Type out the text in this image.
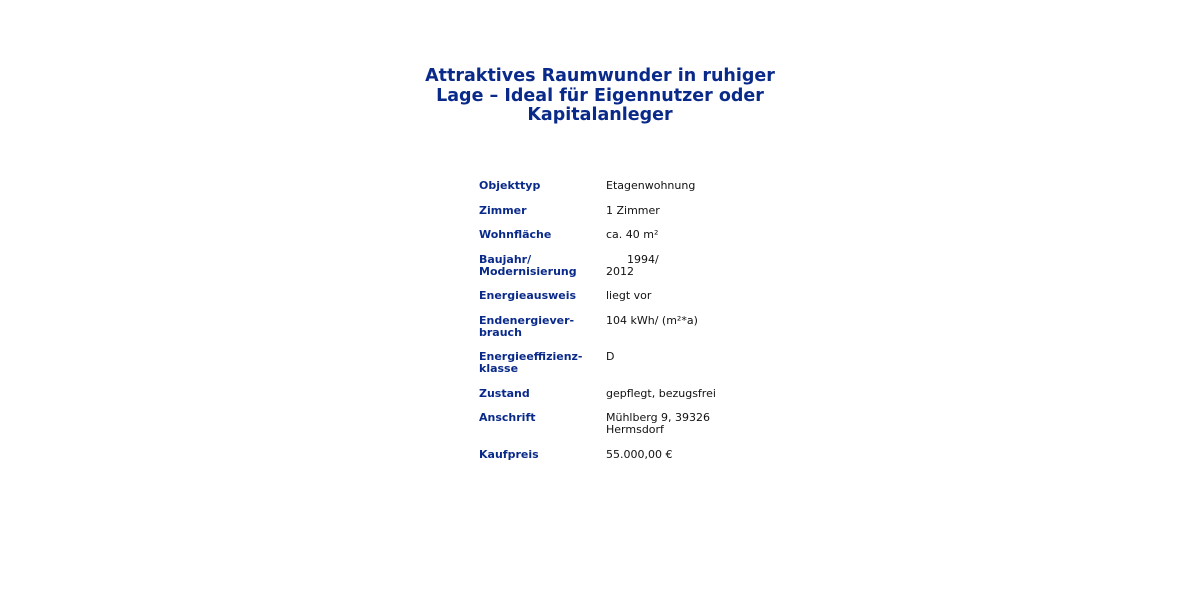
Attraktives Raumwunder in ruhiger Lage – Ideal für Eigennutzer oder Kapitalanleger
Objekttyp	Etagenwohnung
Zimmer	1 Zimmer
Wohnfläche	ca. 40 m²
Baujahr/
Modernisierung	1994/
2012
Energieausweis	liegt vor
Endenergiever-
brauch	104 kWh/ (m²*a)
Energieeffizienz-
klasse	D
Zustand	gepflegt, bezugsfrei
Anschrift	Mühlberg 9, 39326
Hermsdorf
Kaufpreis	55.000,00 €
